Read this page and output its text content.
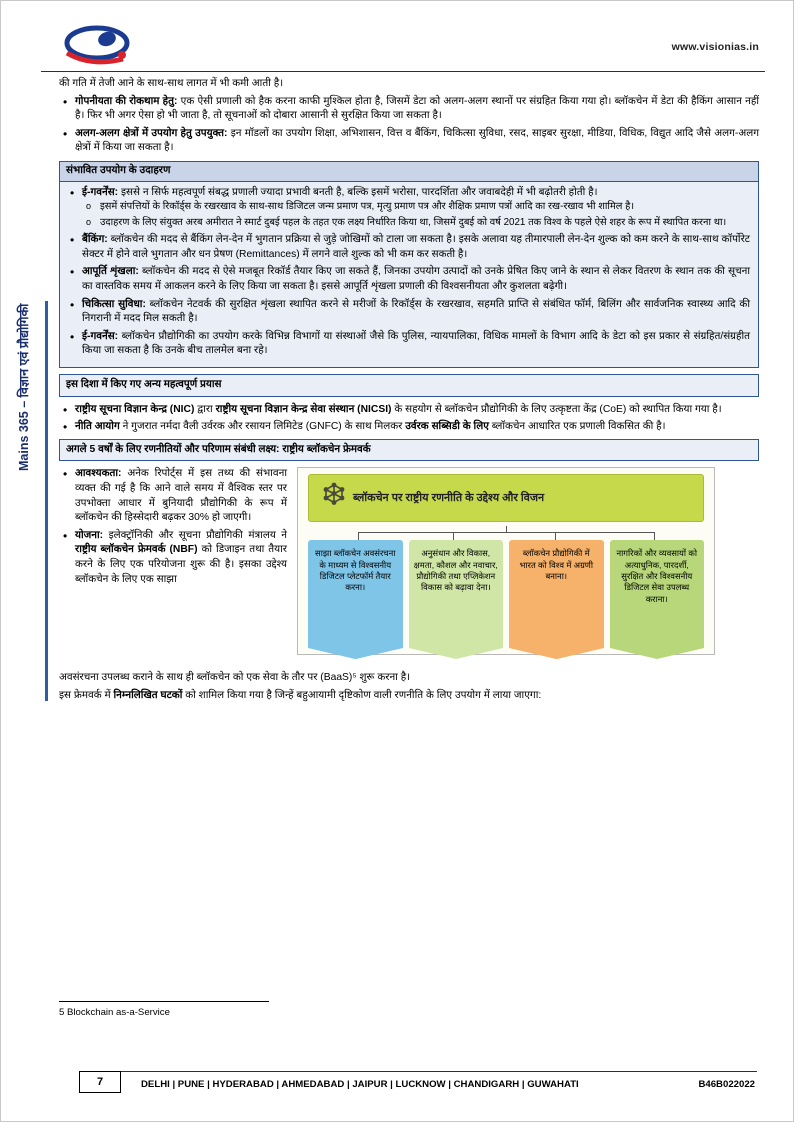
www.visionias.in
Mains 365 – विज्ञान एवं प्रौद्योगिकी

की गति में तेजी आने के साथ-साथ लागत में भी कमी आती है।

• गोपनीयता की रोकथाम हेतु: एक ऐसी प्रणाली को हैक करना काफी मुश्किल होता है, जिसमें डेटा को अलग-अलग स्थानों पर संग्रहित किया गया हो। ब्लॉकचेन में डेटा की हैकिंग आसान नहीं है। फिर भी अगर ऐसा हो भी जाता है, तो सूचनाओं को दोबारा आसानी से सुरक्षित किया जा सकता है।
• अलग-अलग क्षेत्रों में उपयोग हेतु उपयुक्त: इन मॉडलों का उपयोग शिक्षा, अभिशासन, वित्त व बैंकिंग, चिकित्सा सुविधा, रसद, साइबर सुरक्षा, मीडिया, विधिक, विद्युत आदि जैसे अलग-अलग क्षेत्रों में किया जा सकता है।
संभावित उपयोग के उदाहरण
• ई-गवर्नेंस: इससे न सिर्फ महत्वपूर्ण संबद्ध प्रणाली ज्यादा प्रभावी बनती है, बल्कि इसमें भरोसा, पारदर्शिता और जवाबदेही में भी बढ़ोतरी होती है।
o इसमें संपत्तियों के रिकॉर्ड्स के रखरखाव के साथ-साथ डिजिटल जन्म प्रमाण पत्र, मृत्यु प्रमाण पत्र और शैक्षिक प्रमाण पत्रों आदि का रख-रखाव भी शामिल है।
o उदाहरण के लिए संयुक्त अरब अमीरात ने स्मार्ट दुबई पहल के तहत एक लक्ष्य निर्धारित किया था, जिसमें दुबई को वर्ष 2021 तक विश्व के पहले ऐसे शहर के रूप में स्थापित करना था।
• बैंकिंग: ब्लॉकचेन की मदद से बैंकिंग लेन-देन में भुगतान प्रक्रिया से जुड़े जोखिमों को टाला जा सकता है। इसके अलावा यह तीमारपाली लेन-देन शुल्क को कम करने के साथ-साथ कॉर्पोरेट सेक्टर में होने वाले भुगतान और धन प्रेषण (Remittances) में लगने वाले शुल्क को भी कम कर सकती है।
• आपूर्ति शृंखला: ब्लॉकचेन की मदद से ऐसे मजबूत रिकॉर्ड तैयार किए जा सकते हैं, जिनका उपयोग उत्पादों को उनके प्रेषित किए जाने के स्थान से लेकर वितरण के स्थान तक की सूचना का वास्तविक समय में आकलन करने के लिए किया जा सकता है। इससे आपूर्ति शृंखला प्रणाली की विश्वसनीयता और कुशलता बढ़ेगी।
• चिकित्सा सुविधा: ब्लॉकचेन नेटवर्क की सुरक्षित शृंखला स्थापित करने से मरीजों के रिकॉर्ड्स के रखरखाव, सहमति प्राप्ति से संबंधित फॉर्म, बिलिंग और सार्वजनिक स्वास्थ्य आदि की निगरानी में मदद मिल सकती है।
• ई-गवर्नेंस: ब्लॉकचेन प्रौद्योगिकी का उपयोग करके विभिन्न विभागों या संस्थाओं जैसे कि पुलिस, न्यायपालिका, विधिक मामलों के विभाग आदि के डेटा को इस प्रकार से संग्रहित/संग्रहीत किया जा सकता है कि उनके बीच तालमेल बना रहे।
इस दिशा में किए गए अन्य महत्वपूर्ण प्रयास
• राष्ट्रीय सूचना विज्ञान केन्द्र (NIC) द्वारा राष्ट्रीय सूचना विज्ञान केन्द्र सेवा संस्थान (NICSI) के सहयोग से ब्लॉकचेन प्रौद्योगिकी के लिए उत्कृष्टता केंद्र (CoE) को स्थापित किया गया है।
• नीति आयोग ने गुजरात नर्मदा वैली उर्वरक और रसायन लिमिटेड (GNFC) के साथ मिलकर उर्वरक सब्सिडी के लिए ब्लॉकचेन आधारित एक प्रणाली विकसित की है।
अगले 5 वर्षों के लिए रणनीतियों और परिणाम संबंधी लक्ष्य: राष्ट्रीय ब्लॉकचेन फ्रेमवर्क
• आवश्यकता: अनेक रिपोर्ट्स में इस तथ्य की संभावना व्यक्त की गई है कि आने वाले समय में वैश्विक स्तर पर उपभोक्ता आधार में बुनियादी प्रौद्योगिकी के रूप में ब्लॉकचेन की हिस्सेदारी बढ़कर 30% हो जाएगी।
• योजना: इलेक्ट्रॉनिकी और सूचना प्रौद्योगिकी मंत्रालय ने राष्ट्रीय ब्लॉकचेन फ्रेमवर्क (NBF) को डिजाइन तथा तैयार करने के लिए एक परियोजना शुरू की है। इसका उद्देश्य ब्लॉकचेन के लिए एक साझा
ब्लॉकचेन पर राष्ट्रीय रणनीति के उद्देश्य और विजन
साझा ब्लॉकचेन अवसंरचना के माध्यम से विश्वसनीय डिजिटल प्लेटफॉर्म तैयार करना।
अनुसंधान और विकास, क्षमता, कौशल और नवाचार, प्रौद्योगिकी तथा एप्लिकेशन विकास को बढ़ावा देना।
ब्लॉकचेन प्रौद्योगिकी में भारत को विश्व में अग्रणी बनाना।
नागरिकों और व्यवसायों को अत्याधुनिक, पारदर्शी, सुरक्षित और विश्वसनीय डिजिटल सेवा उपलब्ध कराना।

अवसंरचना उपलब्ध कराने के साथ ही ब्लॉकचेन को एक सेवा के तौर पर (BaaS)⁵ शुरू करना है।

इस फ्रेमवर्क में निम्नलिखित घटकों को शामिल किया गया है जिन्हें बहुआयामी दृष्टिकोण वाली रणनीति के लिए उपयोग में लाया जाएगा:

5 Blockchain as-a-Service
7	DELHI | PUNE | HYDERABAD | AHMEDABAD | JAIPUR | LUCKNOW | CHANDIGARH | GUWAHATI	B46B022022
